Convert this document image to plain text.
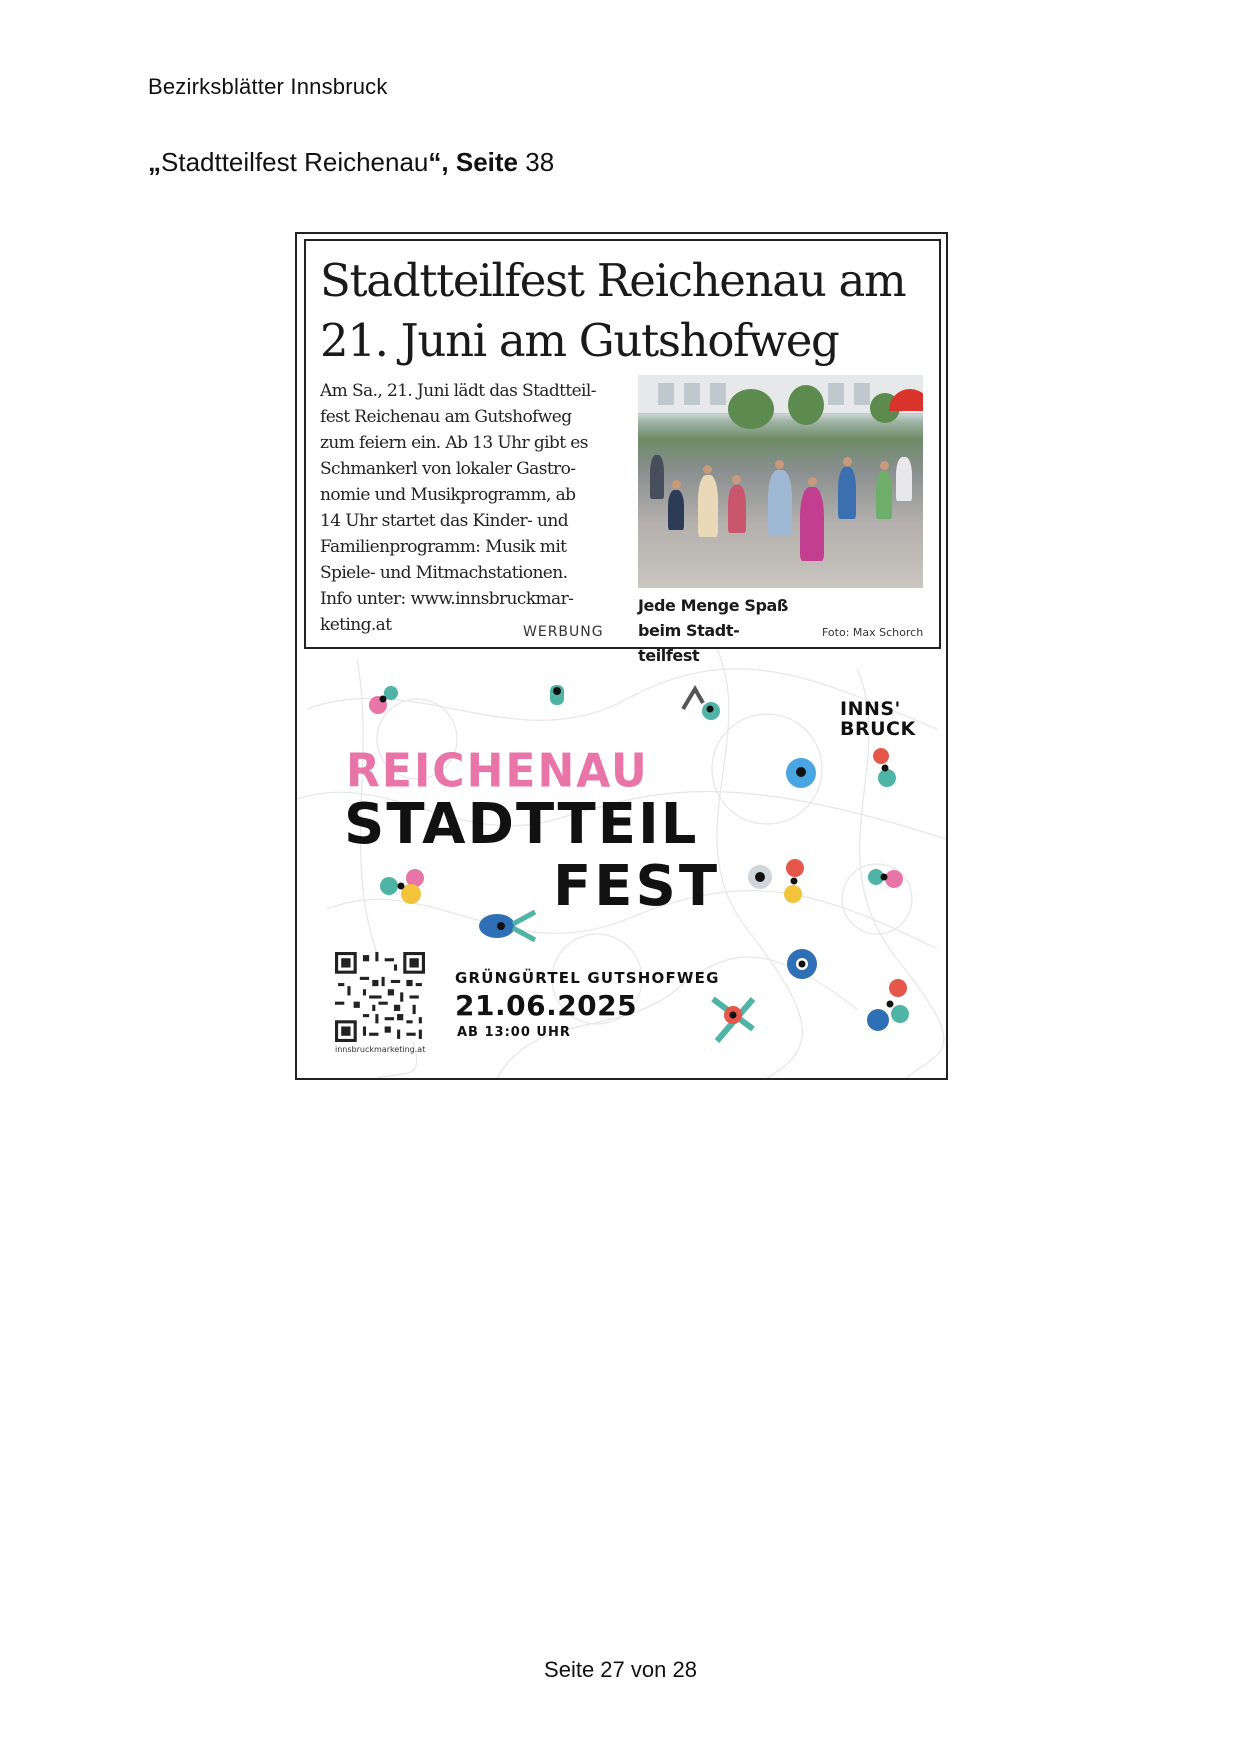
Bezirksblätter Innsbruck
„Stadtteilfest Reichenau“, Seite 38
Stadtteilfest Reichenau am
21. Juni am Gutshofweg
Am Sa., 21. Juni lädt das Stadtteil-
fest Reichenau am Gutshofweg
zum feiern ein. Ab 13 Uhr gibt es
Schmankerl von lokaler Gastro-
nomie und Musikprogramm, ab
14 Uhr startet das Kinder- und
Familienprogramm: Musik mit
Spiele- und Mitmachstationen.
Info unter: www.innsbruckmar-
keting.at	WERBUNG
Jede Menge Spaß beim Stadt-
teilfest
Foto: Max Schorch
INNS'
BRUCK
REICHENAU
STADTTEIL
FEST
innsbruckmarketing.at
GRÜNGÜRTEL GUTSHOFWEG
21.06.2025
AB 13:00 UHR
Seite 27 von 28
